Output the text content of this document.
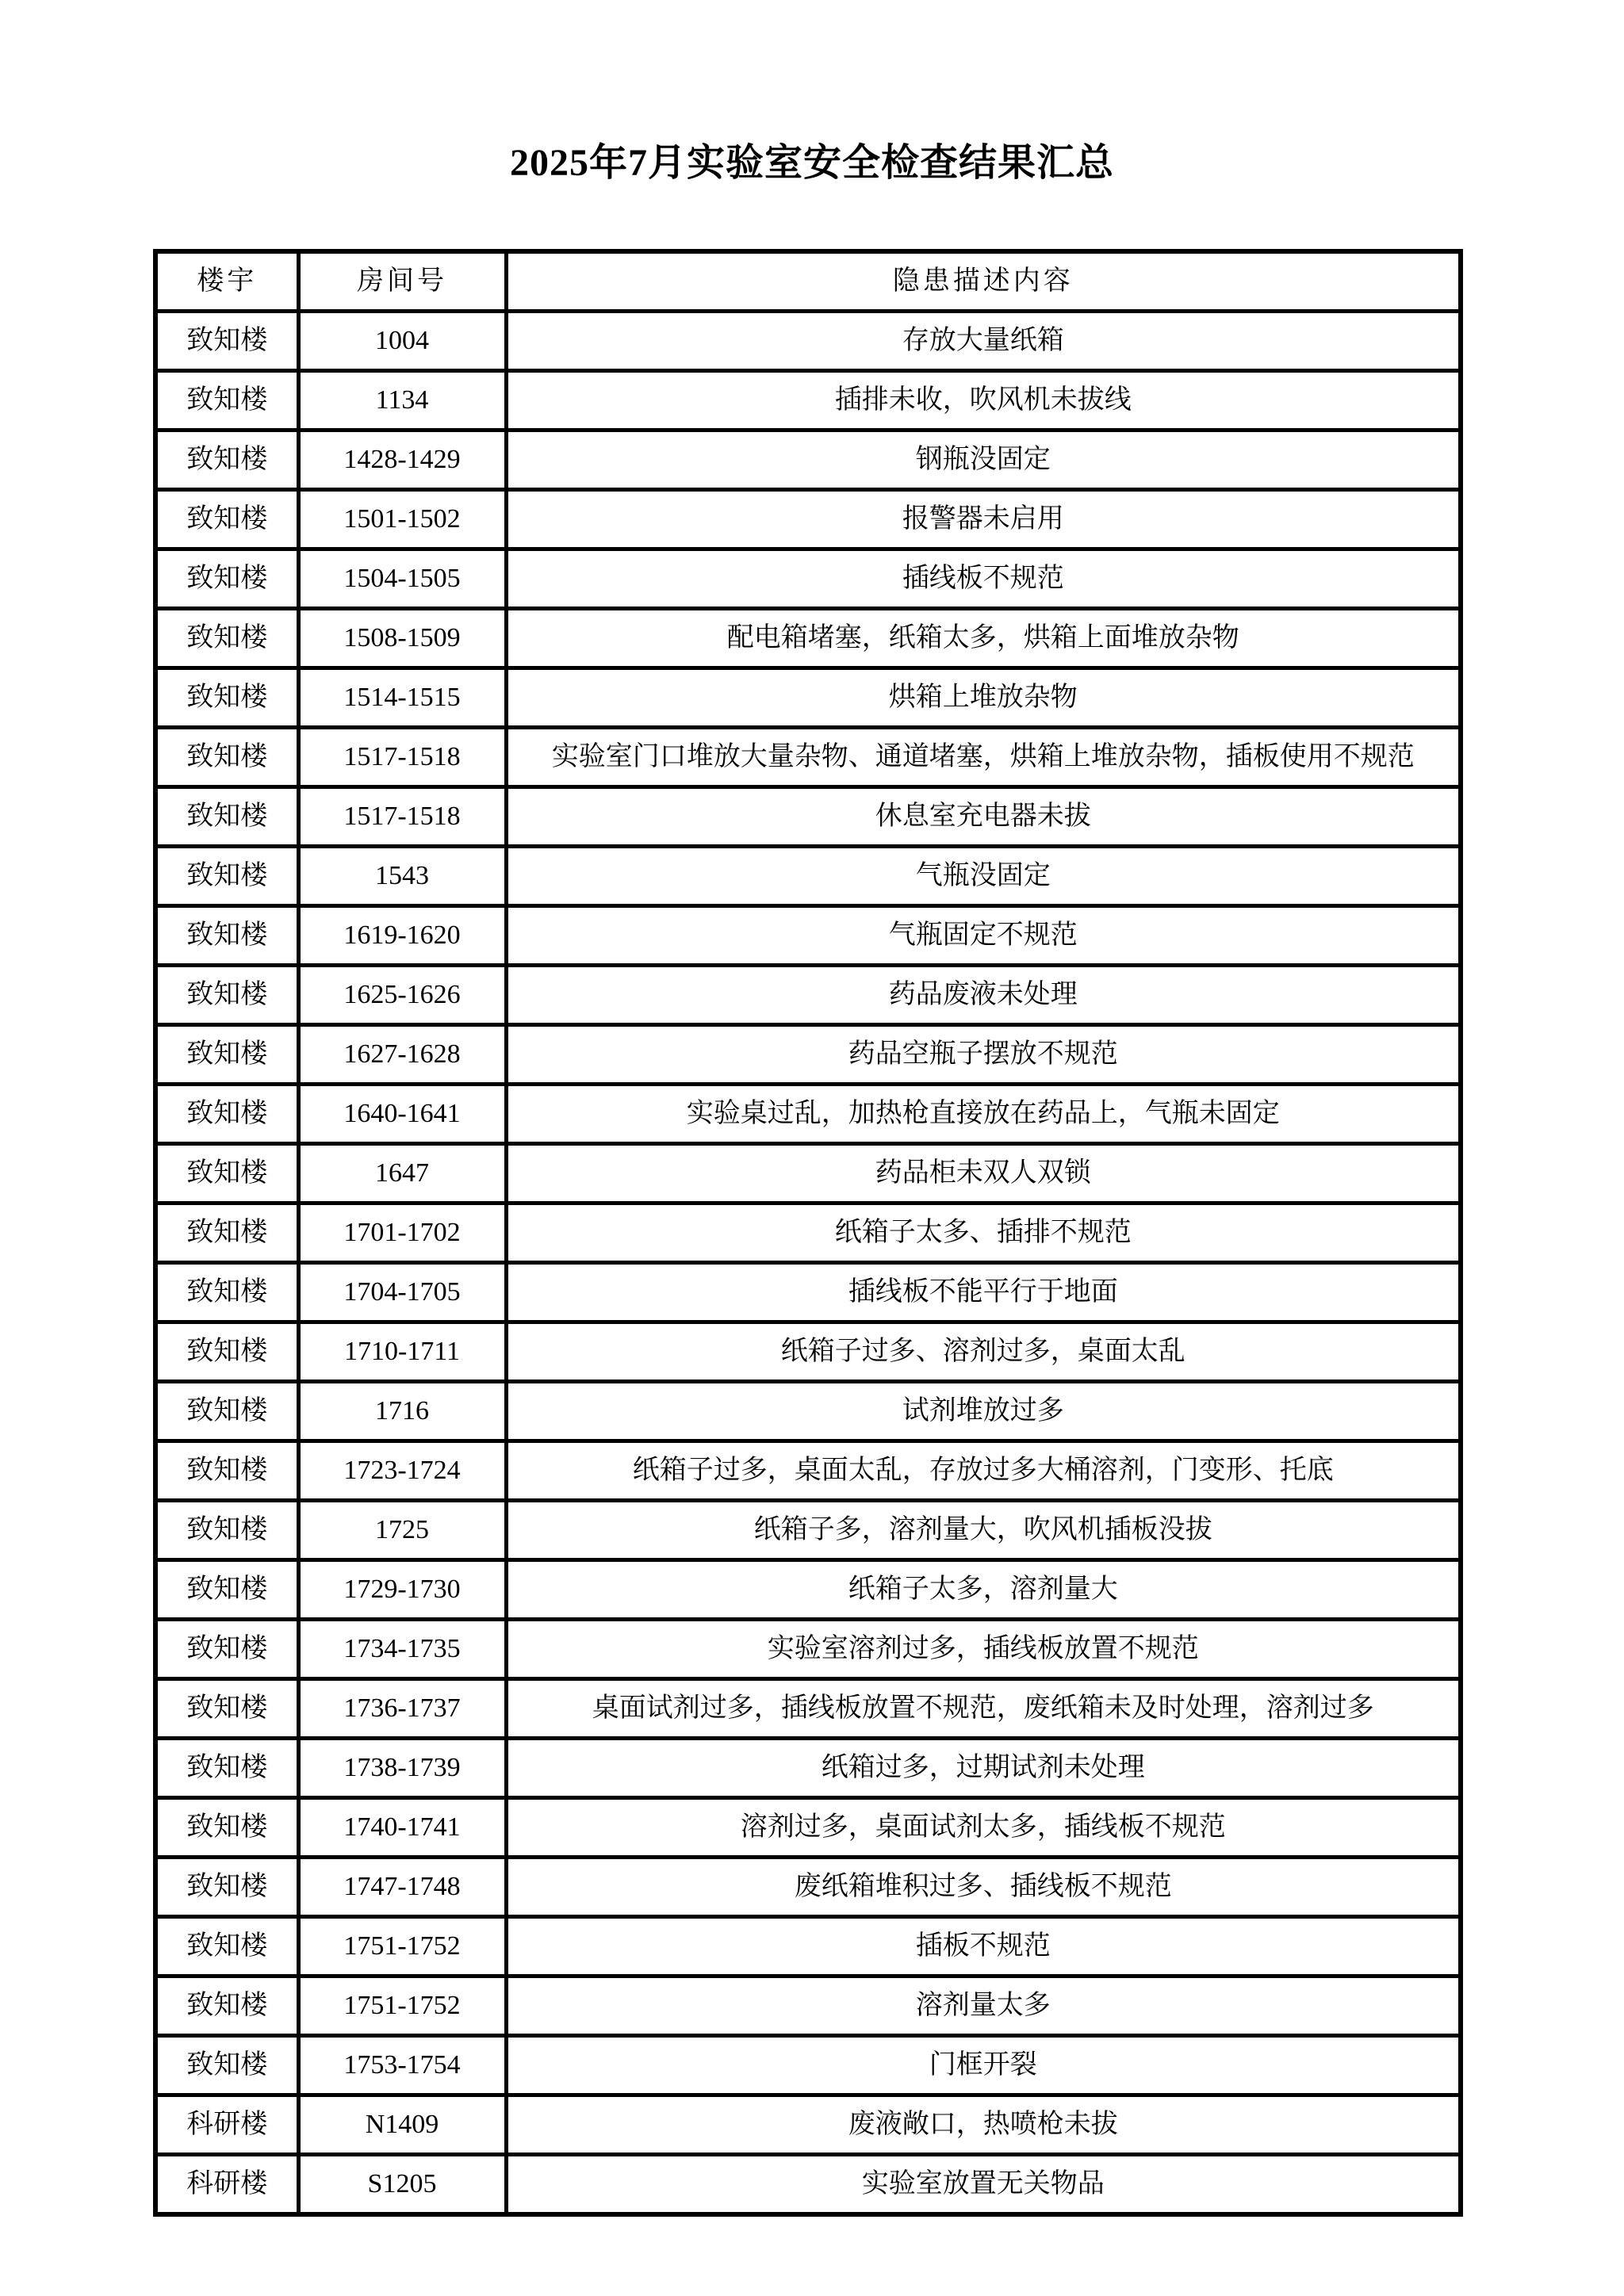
2025年7月实验室安全检查结果汇总
楼宇	房间号	隐患描述内容
致知楼	1004	存放大量纸箱
致知楼	1134	插排未收，吹风机未拔线
致知楼	1428-1429	钢瓶没固定
致知楼	1501-1502	报警器未启用
致知楼	1504-1505	插线板不规范
致知楼	1508-1509	配电箱堵塞，纸箱太多，烘箱上面堆放杂物
致知楼	1514-1515	烘箱上堆放杂物
致知楼	1517-1518	实验室门口堆放大量杂物、通道堵塞，烘箱上堆放杂物，插板使用不规范
致知楼	1517-1518	休息室充电器未拔
致知楼	1543	气瓶没固定
致知楼	1619-1620	气瓶固定不规范
致知楼	1625-1626	药品废液未处理
致知楼	1627-1628	药品空瓶子摆放不规范
致知楼	1640-1641	实验桌过乱，加热枪直接放在药品上，气瓶未固定
致知楼	1647	药品柜未双人双锁
致知楼	1701-1702	纸箱子太多、插排不规范
致知楼	1704-1705	插线板不能平行于地面
致知楼	1710-1711	纸箱子过多、溶剂过多，桌面太乱
致知楼	1716	试剂堆放过多
致知楼	1723-1724	纸箱子过多，桌面太乱，存放过多大桶溶剂，门变形、托底
致知楼	1725	纸箱子多，溶剂量大，吹风机插板没拔
致知楼	1729-1730	纸箱子太多，溶剂量大
致知楼	1734-1735	实验室溶剂过多，插线板放置不规范
致知楼	1736-1737	桌面试剂过多，插线板放置不规范，废纸箱未及时处理，溶剂过多
致知楼	1738-1739	纸箱过多，过期试剂未处理
致知楼	1740-1741	溶剂过多，桌面试剂太多，插线板不规范
致知楼	1747-1748	废纸箱堆积过多、插线板不规范
致知楼	1751-1752	插板不规范
致知楼	1751-1752	溶剂量太多
致知楼	1753-1754	门框开裂
科研楼	N1409	废液敞口，热喷枪未拔
科研楼	S1205	实验室放置无关物品
